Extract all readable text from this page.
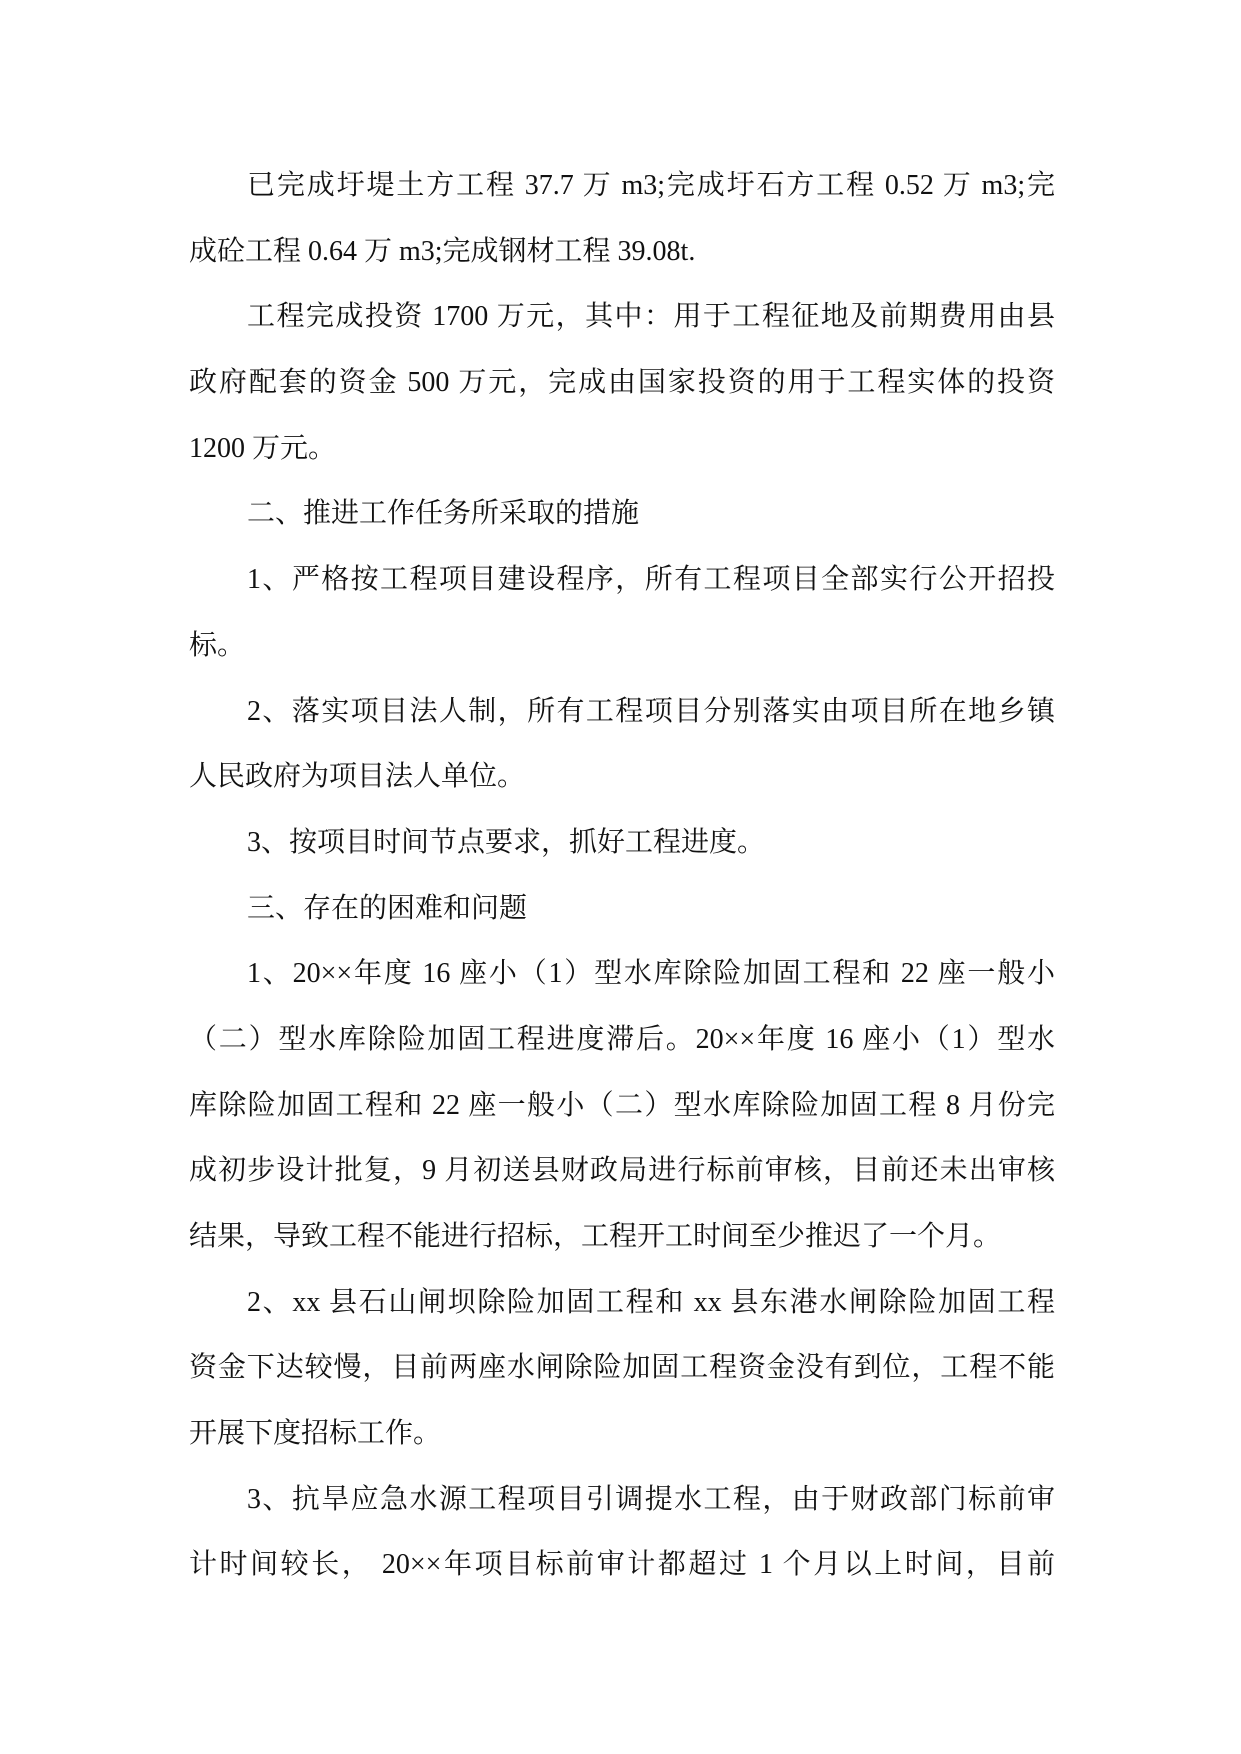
已完成圩堤土方工程 37.7 万 m3;完成圩石方工程 0.52 万 m3;完
成砼工程 0.64 万 m3;完成钢材工程 39.08t.
工程完成投资 1700 万元，其中：用于工程征地及前期费用由县
政府配套的资金 500 万元，完成由国家投资的用于工程实体的投资
1200 万元。
二、推进工作任务所采取的措施
1、严格按工程项目建设程序，所有工程项目全部实行公开招投
标。
2、落实项目法人制，所有工程项目分别落实由项目所在地乡镇
人民政府为项目法人单位。
3、按项目时间节点要求，抓好工程进度。
三、存在的困难和问题
1、20××年度 16 座小（1）型水库除险加固工程和 22 座一般小
（二）型水库除险加固工程进度滞后。20××年度 16 座小（1）型水
库除险加固工程和 22 座一般小（二）型水库除险加固工程 8 月份完
成初步设计批复，9 月初送县财政局进行标前审核，目前还未出审核
结果，导致工程不能进行招标，工程开工时间至少推迟了一个月。
2、xx 县石山闸坝除险加固工程和 xx 县东港水闸除险加固工程
资金下达较慢，目前两座水闸除险加固工程资金没有到位，工程不能
开展下度招标工作。
3、抗旱应急水源工程项目引调提水工程，由于财政部门标前审
计时间较长， 20××年项目标前审计都超过 1 个月以上时间，目前
